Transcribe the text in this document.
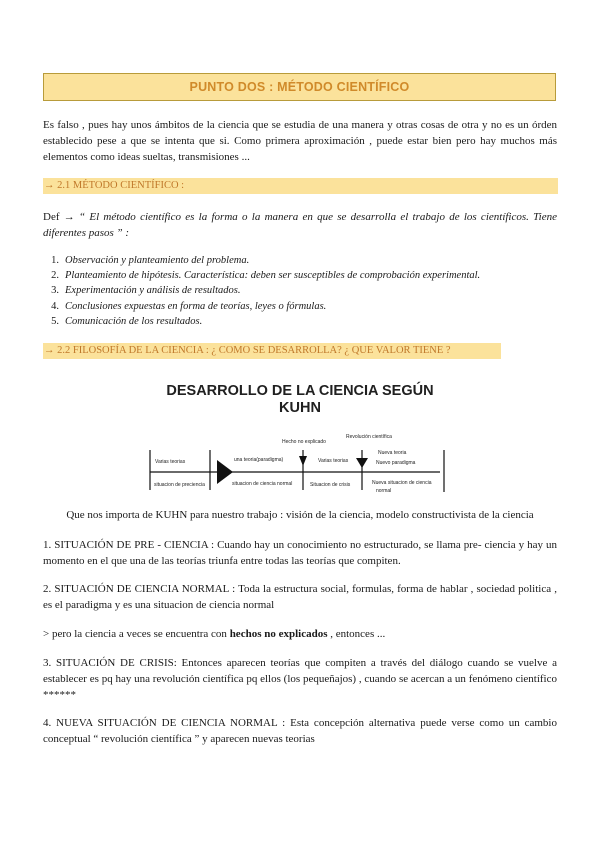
PUNTO DOS : MÉTODO CIENTÍFICO
Es falso , pues hay unos ámbitos de la ciencia que se estudia de una manera y otras cosas de otra y no es un órden establecido pese a que se intenta que si. Como primera aproximación , puede estar bien pero hay muchos más elementos como ideas sueltas, transmisiones ...
→ 2.1 MÉTODO CIENTÍFICO :
Def → “ El método científico es la forma o la manera en que se desarrolla el trabajo de los científicos. Tiene diferentes pasos ” :
1. Observación y planteamiento del problema.
2. Planteamiento de hipótesis. Característica: deben ser susceptibles de comprobación experimental.
3. Experimentación y análisis de resultados.
4. Conclusiones expuestas en forma de teorías, leyes o fórmulas.
5. Comunicación de los resultados.
→ 2.2 FILOSOFÍA DE LA CIENCIA : ¿ COMO SE DESARROLLA? ¿ QUE VALOR TIENE ?
DESARROLLO DE LA CIENCIA SEGÚN
KUHN
Varias teorias
situacion de preciencia
una teoria(paradigma)
situacion de ciencia normal
Hecho no explicado
Varias teorias
Situacion de crisis
Revolución científica
Nueva teoria
Nuevo paradigma
Nueva situacion de ciencia
normal
Que nos importa de KUHN para nuestro trabajo : visión de la ciencia, modelo constructivista de la ciencia
1. SITUACIÓN DE PRE - CIENCIA : Cuando hay un conocimiento no estructurado, se llama pre- ciencia y hay un momento en el que una de las teorías triunfa entre todas las teorías que compiten.
2. SITUACIÓN DE CIENCIA NORMAL : Toda la estructura social, formulas, forma de hablar , sociedad politica , es el paradigma y es una situacion de ciencia normal
> pero la ciencia a veces se encuentra con hechos no explicados , entonces ...
3. SITUACIÓN DE CRISIS: Entonces aparecen teorías que compiten a través del diálogo cuando se vuelve a establecer es pq hay una revolución científica pq ellos (los pequeñajos) , cuando se acercan a un fenómeno científico ******
4. NUEVA SITUACIÓN DE CIENCIA NORMAL : Esta concepción alternativa puede verse como un cambio conceptual “ revolución científica ” y aparecen nuevas teorias
